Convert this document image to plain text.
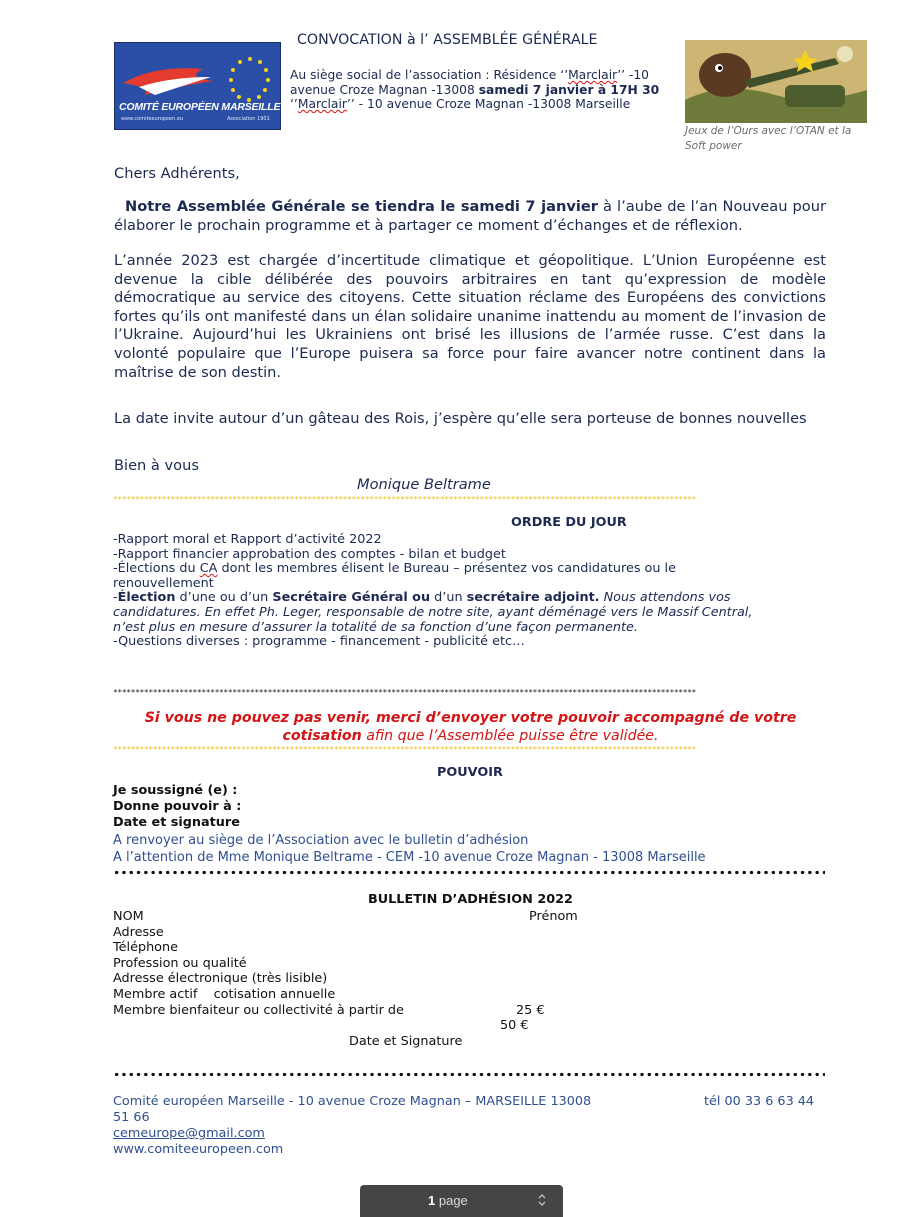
COMITÉ EUROPÉEN MARSEILLE
www.comiteeuropeen.eu	Association 1901
CONVOCATION à l’ ASSEMBLÉE GÉNÉRALE
Au siège social de l’association : Résidence ‘’Marclair’’ -10
avenue Croze Magnan -13008 samedi 7 janvier à 17H 30
‘’Marclair’’ - 10 avenue Croze Magnan -13008 Marseille
Jeux de l’Ours avec l’OTAN et la
Soft power
Chers Adhérents,
Notre Assemblée Générale se tiendra le samedi 7 janvier à l’aube de l’an Nouveau pour élaborer le prochain programme et à partager ce moment d’échanges et de réflexion.
L’année 2023 est chargée d’incertitude climatique et géopolitique. L’Union Européenne est devenue la cible délibérée des pouvoirs arbitraires en tant qu’expression de modèle démocratique au service des citoyens. Cette situation réclame des Européens des convictions fortes qu’ils ont manifesté dans un élan solidaire unanime inattendu au moment de l’invasion de l’Ukraine. Aujourd’hui les Ukrainiens ont brisé les illusions de l’armée russe. C’est dans la volonté populaire que l’Europe puisera sa force pour faire avancer notre continent dans la maîtrise de son destin.
La date invite autour d’un gâteau des Rois, j’espère qu’elle sera porteuse de bonnes nouvelles
Bien à vous
Monique Beltrame
************************************************************************************************************************************
ORDRE DU JOUR
-Rapport moral et Rapport d’activité 2022
-Rapport financier approbation des comptes - bilan et budget
-Élections du CA dont les membres élisent le Bureau – présentez vos candidatures ou le
renouvellement
-Élection d’une ou d’un Secrétaire Général ou d’un secrétaire adjoint. Nous attendons vos
candidatures. En effet Ph. Leger, responsable de notre site, ayant déménagé vers le Massif Central,
n’est plus en mesure d’assurer la totalité de sa fonction d’une façon permanente.
-Questions diverses : programme - financement - publicité etc…
************************************************************************************************************************************
Si vous ne pouvez pas venir, merci d’envoyer votre pouvoir accompagné de votre
cotisation afin que l’Assemblée puisse être validée.
************************************************************************************************************************************
POUVOIR
Je soussigné (e) :
Donne pouvoir à :
Date et signature
A renvoyer au siège de l’Association avec le bulletin d’adhésion
A l’attention de Mme Monique Beltrame - CEM -10 avenue Croze Magnan - 13008 Marseille
BULLETIN D’ADHÉSION 2022
NOM
Adresse
Téléphone
Profession ou qualité
Adresse électronique (très lisible)
Membre actif    cotisation annuelle
Membre bienfaiteur ou collectivité à partir de
Prénom
25 €
50 €
Date et Signature
Comité européen Marseille - 10 avenue Croze Magnan – MARSEILLE 13008
51 66
tél 00 33 6 63 44
cemeurope@gmail.com
www.comiteeuropeen.com
1 page
